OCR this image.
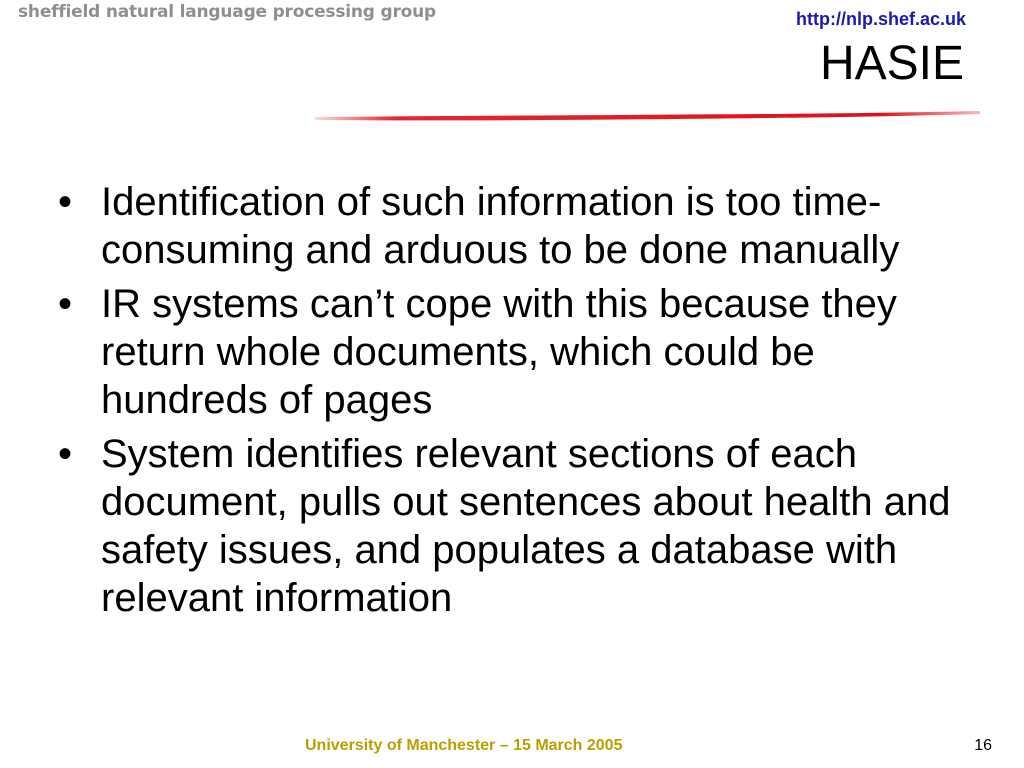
sheffield natural language processing group	http://nlp.shef.ac.uk
HASIE
• Identification of such information is too time-consuming and arduous to be done manually
• IR systems can’t cope with this because they return whole documents, which could be hundreds of pages
• System identifies relevant sections of each document, pulls out sentences about health and safety issues, and populates a database with relevant information
University of Manchester – 15 March 2005	16
